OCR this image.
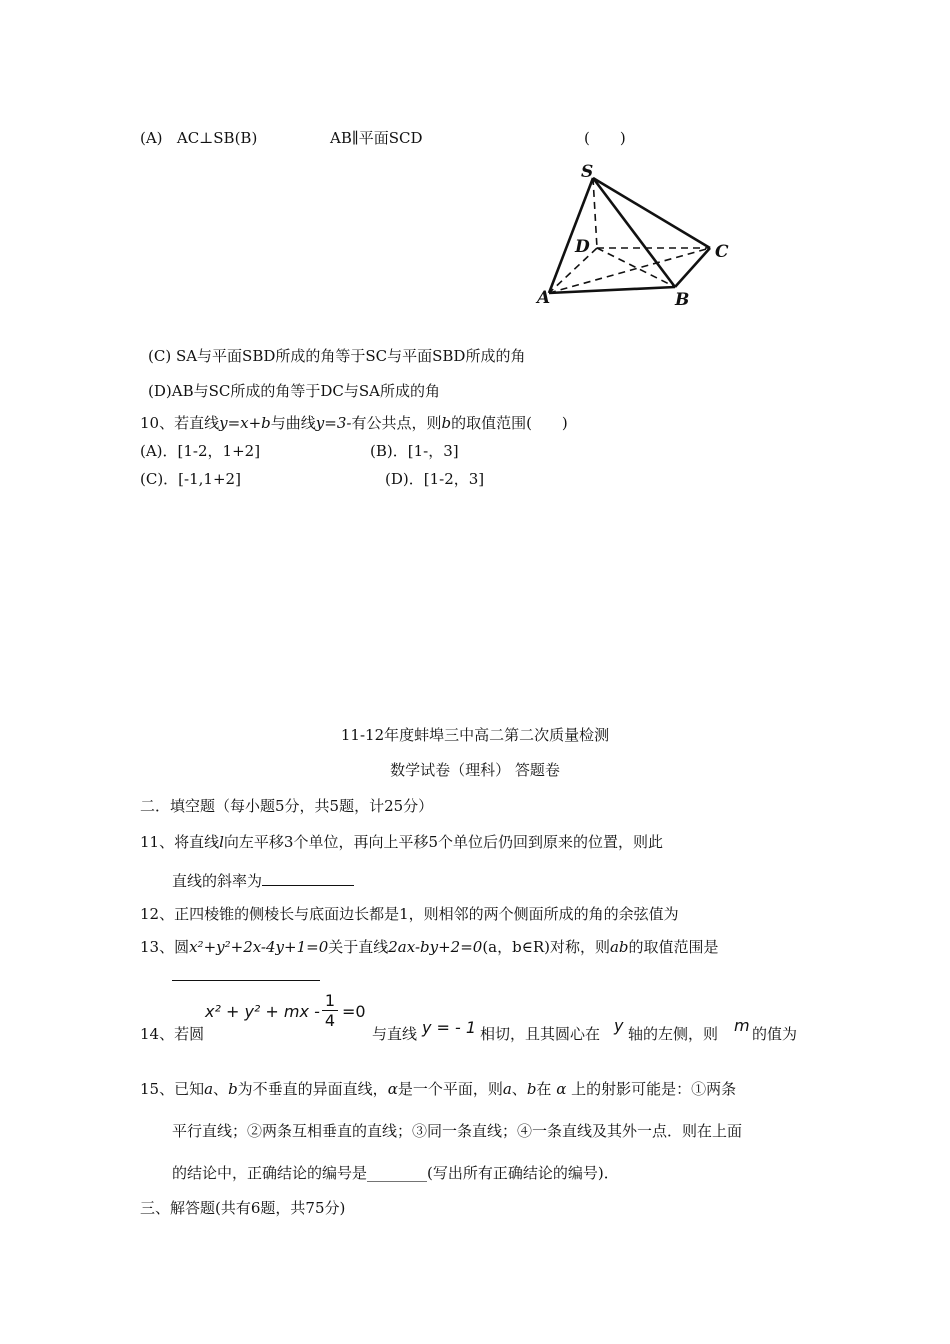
(A) AC⊥SB(B)	AB∥平面SCD	(　　)
S
D	C
A	B
(C) SA与平面SBD所成的角等于SC与平面SBD所成的角
(D)AB与SC所成的角等于DC与SA所成的角
10、若直线y=x+b与曲线y=3-有公共点，则b的取值范围(　　)
(A)．[1-2，1+2]	(B)．[1-，3]
(C)．[-1,1+2]	(D)．[1-2，3]
11-12年度蚌埠三中高二第二次质量检测
数学试卷（理科） 答题卷
二．填空题（每小题5分，共5题，计25分）
11、将直线l向左平移3个单位，再向上平移5个单位后仍回到原来的位置，则此
直线的斜率为
12、正四棱锥的侧棱长与底面边长都是1，则相邻的两个侧面所成的角的余弦值为
13、圆x²+y²+2x-4y+1=0关于直线2ax-by+2=0(a，b∈R)对称，则ab的取值范围是
x² + y² + mx - $\frac{1}{4} =0$
14、若圆	与直线 y = - 1 相切，且其圆心在 y 轴的左侧，则 m 的值为
15、已知a、b为不垂直的异面直线，α是一个平面，则a、b在 α 上的射影可能是：①两条
平行直线；②两条互相垂直的直线；③同一条直线；④一条直线及其外一点．则在上面
的结论中，正确结论的编号是________(写出所有正确结论的编号)．
三、解答题(共有6题，共75分)
